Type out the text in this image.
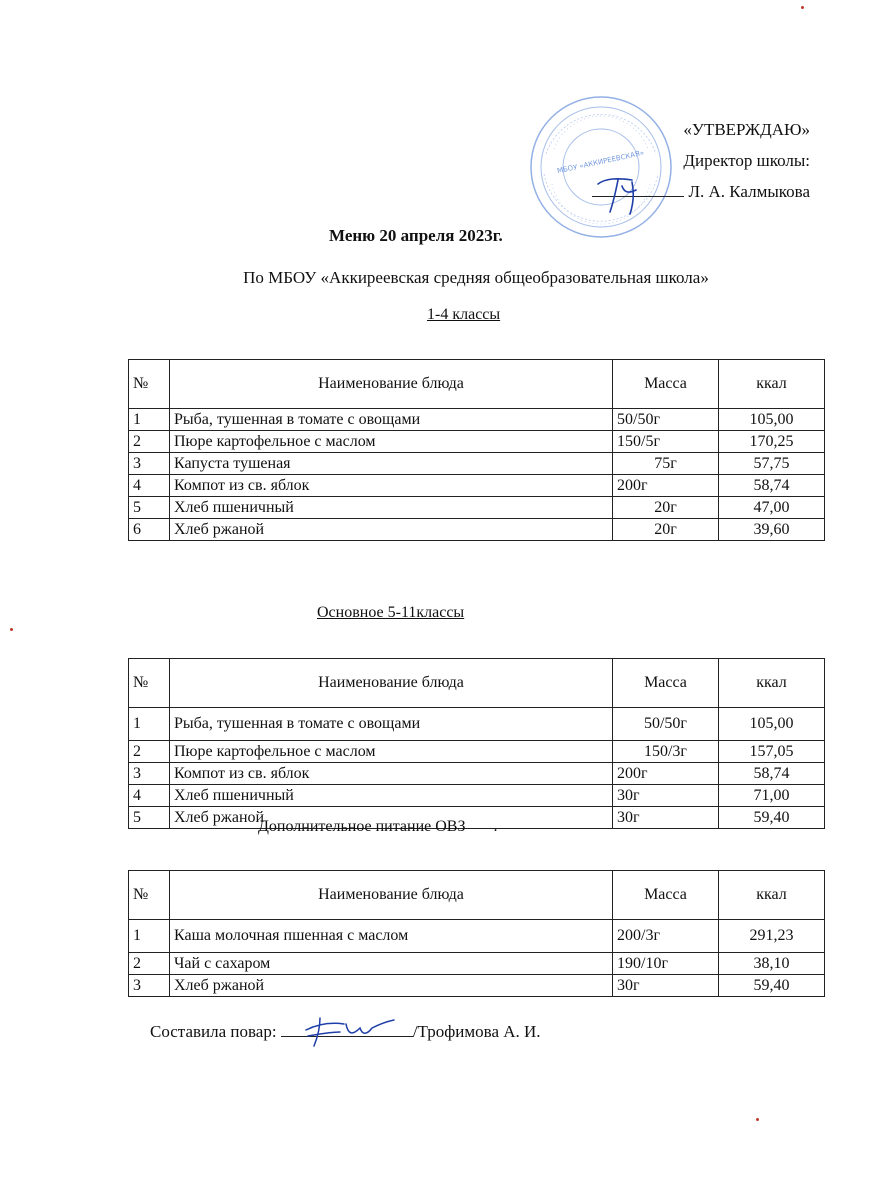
МБОУ «АККИРЕЕВСКАЯ»
«УТВЕРЖДАЮ»
Директор школы:
Л. А. Калмыкова
Меню 20 апреля 2023г.
По МБОУ «Аккиреевская средняя общеобразовательная школа»
1-4 классы
№	Наименование блюда	Масса	ккал
1	Рыба, тушенная в томате с овощами	50/50г	105,00
2	Пюре картофельное с маслом	150/5г	170,25
3	Капуста тушеная	75г	57,75
4	Компот из св. яблок	200г	58,74
5	Хлеб пшеничный	20г	47,00
6	Хлеб ржаной	20г	39,60
Основное 5-11классы
№	Наименование блюда	Масса	ккал
1	Рыба, тушенная в томате с овощами	50/50г	105,00
2	Пюре картофельное с маслом	150/3г	157,05
3	Компот из св. яблок	200г	58,74
4	Хлеб пшеничный	30г	71,00
5	Хлеб ржаной	30г	59,40
Дополнительное питание ОВЗ .
№	Наименование блюда	Масса	ккал
1	Каша молочная пшенная с маслом	200/3г	291,23
2	Чай с сахаром	190/10г	38,10
3	Хлеб ржаной	30г	59,40
Составила повар:	/Трофимова А. И.
